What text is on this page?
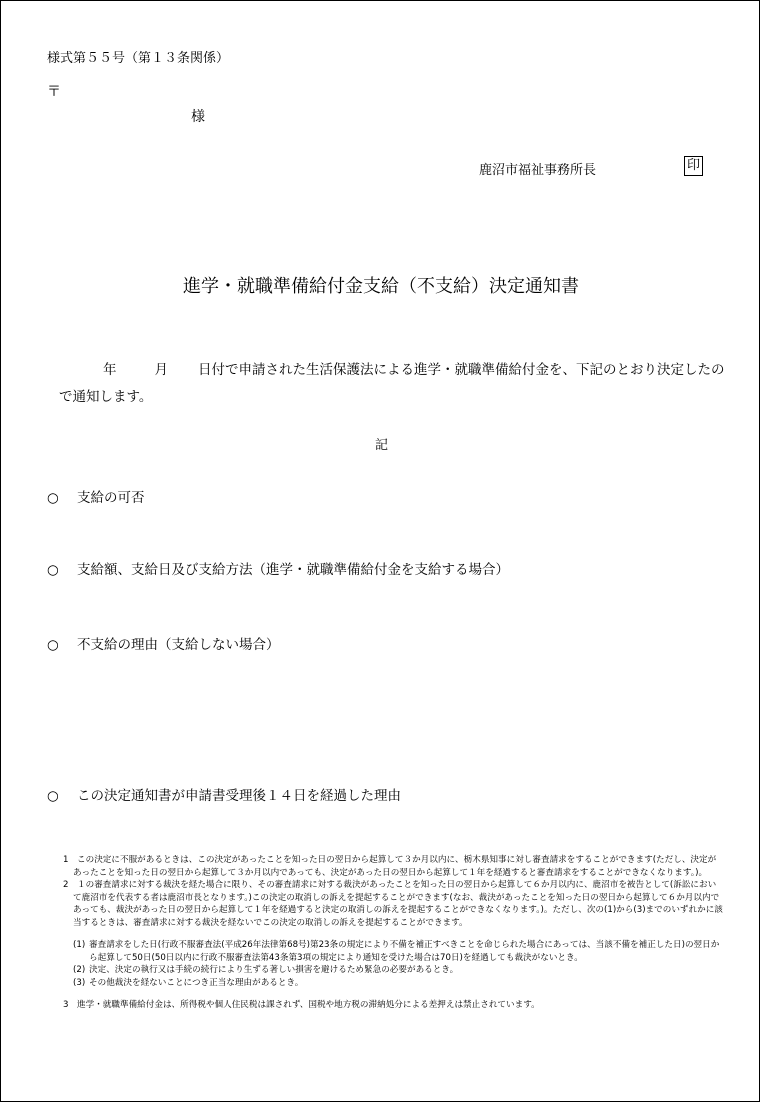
様式第５５号（第１３条関係）
〒
様
鹿沼市福祉事務所長	印
進学・就職準備給付金支給（不支給）決定通知書
年	月 日付で申請された生活保護法による進学・就職準備給付金を、下記のとおり決定したので通知します。
記
○ 支給の可否
○ 支給額、支給日及び支給方法（進学・就職準備給付金を支給する場合）
○ 不支給の理由（支給しない場合）
○ この決定通知書が申請書受理後１４日を経過した理由

1 この決定に不服があるときは、この決定があったことを知った日の翌日から起算して３か月以内に、栃木県知事に対し審査請求をすることができます(ただし、決定があったことを知った日の翌日から起算して３か月以内であっても、決定があった日の翌日から起算して１年を経過すると審査請求をすることができなくなります。)。

2 １の審査請求に対する裁決を経た場合に限り、その審査請求に対する裁決があったことを知った日の翌日から起算して６か月以内に、鹿沼市を被告として(訴訟において鹿沼市を代表する者は鹿沼市長となります。)この決定の取消しの訴えを提起することができます(なお、裁決があったことを知った日の翌日から起算して６か月以内であっても、裁決があった日の翌日から起算して１年を経過すると決定の取消しの訴えを提起することができなくなります。)。ただし、次の(1)から(3)までのいずれかに該当するときは、審査請求に対する裁決を経ないでこの決定の取消しの訴えを提起することができます。

(1) 審査請求をした日(行政不服審査法(平成26年法律第68号)第23条の規定により不備を補正すべきことを命じられた場合にあっては、当該不備を補正した日)の翌日から起算して50日(50日以内に行政不服審査法第43条第3項の規定により通知を受けた場合は70日)を経過しても裁決がないとき。

(2) 決定、決定の執行又は手続の続行により生ずる著しい損害を避けるため緊急の必要があるとき。

(3) その他裁決を経ないことにつき正当な理由があるとき。

3 進学・就職準備給付金は、所得税や個人住民税は課されず、国税や地方税の滞納処分による差押えは禁止されています。
